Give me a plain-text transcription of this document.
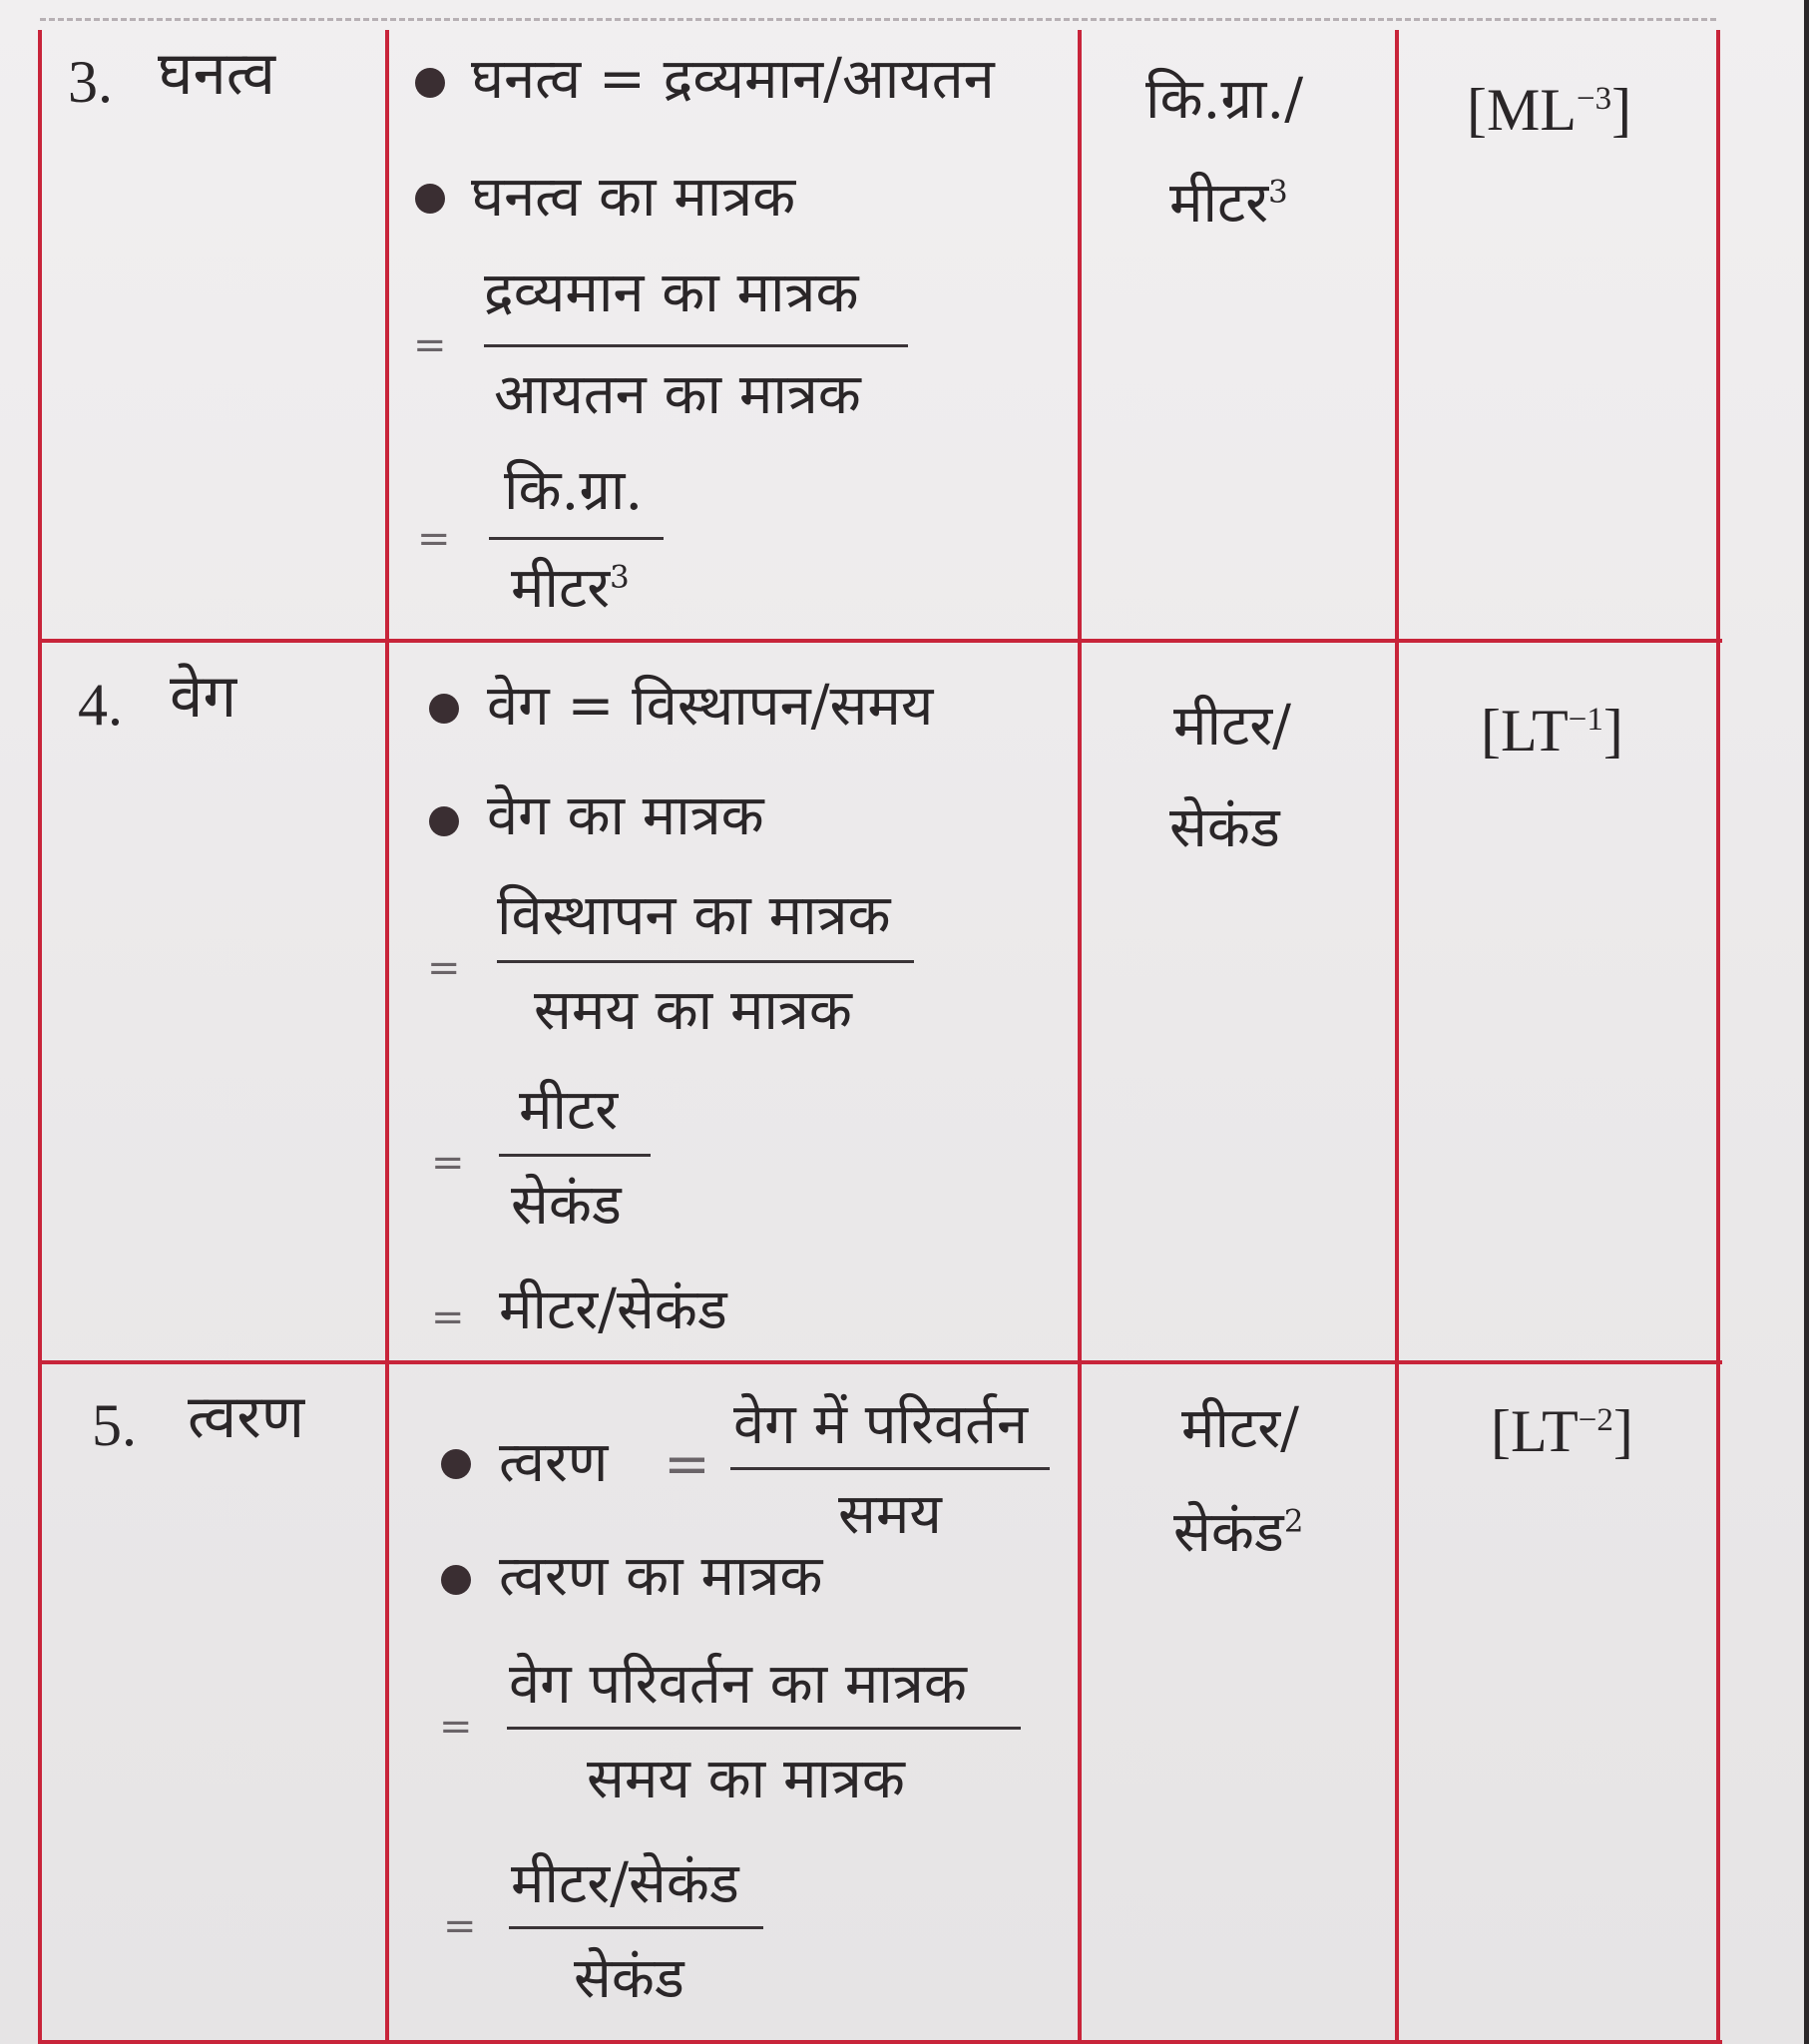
3. घनत्व	घनत्व = द्रव्यमान/आयतन
घनत्व का मात्रक
=
द्रव्यमान का मात्रक
आयतन का मात्रक
=
कि.ग्रा.
मीटर$^3$
कि.ग्रा./
मीटर$^3$
$[ML^{-3}]$
4. वेग	वेग = विस्थापन/समय
वेग का मात्रक
=
विस्थापन का मात्रक
समय का मात्रक
=
मीटर
सेकंड
= मीटर/सेकंड
मीटर/
सेकंड
$[LT^{-1}]$
5. त्वरण
त्वरण =
वेग में परिवर्तन
समय
त्वरण का मात्रक
=
वेग परिवर्तन का मात्रक
समय का मात्रक
=
मीटर/सेकंड
सेकंड
मीटर/
सेकंड$^2$
$[LT^{-2}]$
